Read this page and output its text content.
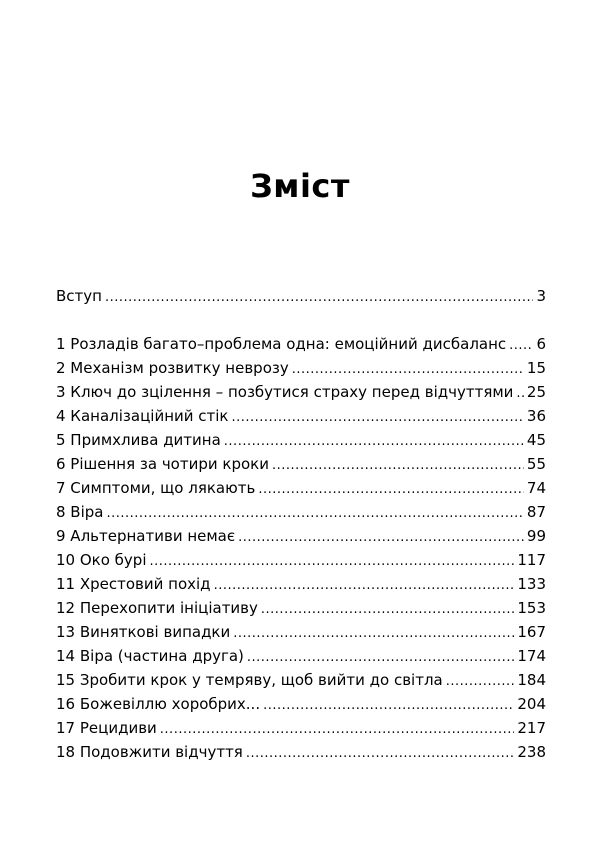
Зміст
Вступ .....	3
1 Розладів багато–проблема одна: емоційний дисбаланс ..... 6
2 Механізм розвитку неврозу .....	15
3 Ключ до зцілення – позбутися страху перед відчуттями ..... 25
4 Каналізаційний стік .....	36
5 Примхлива дитина .....	45
6 Рішення за чотири кроки .....	55
7 Симптоми, що лякають .....	74
8 Віра .....	87
9 Альтернативи немає .....	99
10 Око бурі .....	117
11 Хрестовий похід .....	133
12 Перехопити ініціативу .....	153
13 Виняткові випадки .....	167
14 Віра (частина друга) .....	174
15 Зробити крок у темряву, щоб вийти до світла .....	184
16 Божевіллю хоробрих... .....	204
17 Рецидиви .....	217
18 Подовжити відчуття .....	238
